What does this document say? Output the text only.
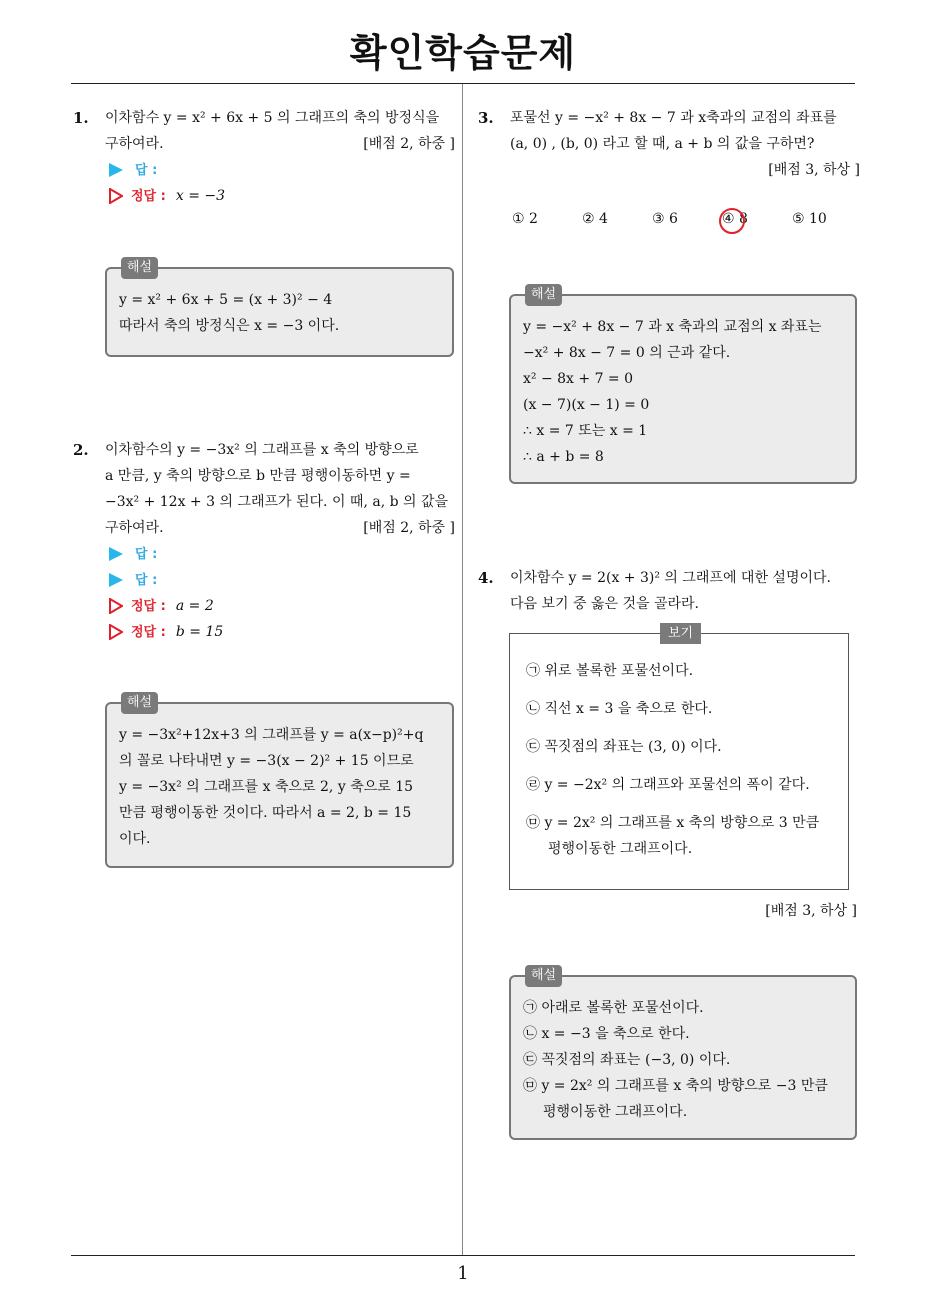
확인학습문제
1
1. 이차함수 y = x² + 6x + 5 의 그래프의 축의 방정식을
구하여라.	[배점 2, 하중 ]
답 :
정답 : x = −3
해설
y = x² + 6x + 5 = (x + 3)² − 4
따라서 축의 방정식은 x = −3 이다.
2. 이차함수의 y = −3x² 의 그래프를 x 축의 방향으로
a 만큼, y 축의 방향으로 b 만큼 평행이동하면 y =
−3x² + 12x + 3 의 그래프가 된다. 이 때, a, b 의 값을
구하여라.	[배점 2, 하중 ]
답 :
답 :
정답 : a = 2
정답 : b = 15
해설
y = −3x²+12x+3 의 그래프를 y = a(x−p)²+q
의 꼴로 나타내면 y = −3(x − 2)² + 15 이므로
y = −3x² 의 그래프를 x 축으로 2, y 축으로 15
만큼 평행이동한 것이다. 따라서 a = 2, b = 15
이다.
3. 포물선 y = −x² + 8x − 7 과 x축과의 교점의 좌표를
(a, 0) , (b, 0) 라고 할 때, a + b 의 값을 구하면?
[배점 3, 하상 ]
① 2	② 4	③ 6	④ 8	⑤ 10
해설
y = −x² + 8x − 7 과 x 축과의 교점의 x 좌표는
−x² + 8x − 7 = 0 의 근과 같다.
x² − 8x + 7 = 0
(x − 7)(x − 1) = 0
∴ x = 7 또는 x = 1
∴ a + b = 8
4. 이차함수 y = 2(x + 3)² 의 그래프에 대한 설명이다.
다음 보기 중 옳은 것을 골라라.
보기
㉠ 위로 볼록한 포물선이다.
㉡ 직선 x = 3 을 축으로 한다.
㉢ 꼭짓점의 좌표는 (3, 0) 이다.
㉣ y = −2x² 의 그래프와 포물선의 폭이 같다.
㉤ y = 2x² 의 그래프를 x 축의 방향으로 3 만큼 평행이동한 그래프이다.
[배점 3, 하상 ]
해설
㉠ 아래로 볼록한 포물선이다.
㉡ x = −3 을 축으로 한다.
㉢ 꼭짓점의 좌표는 (−3, 0) 이다.
㉤ y = 2x² 의 그래프를 x 축의 방향으로 −3 만큼 평행이동한 그래프이다.
